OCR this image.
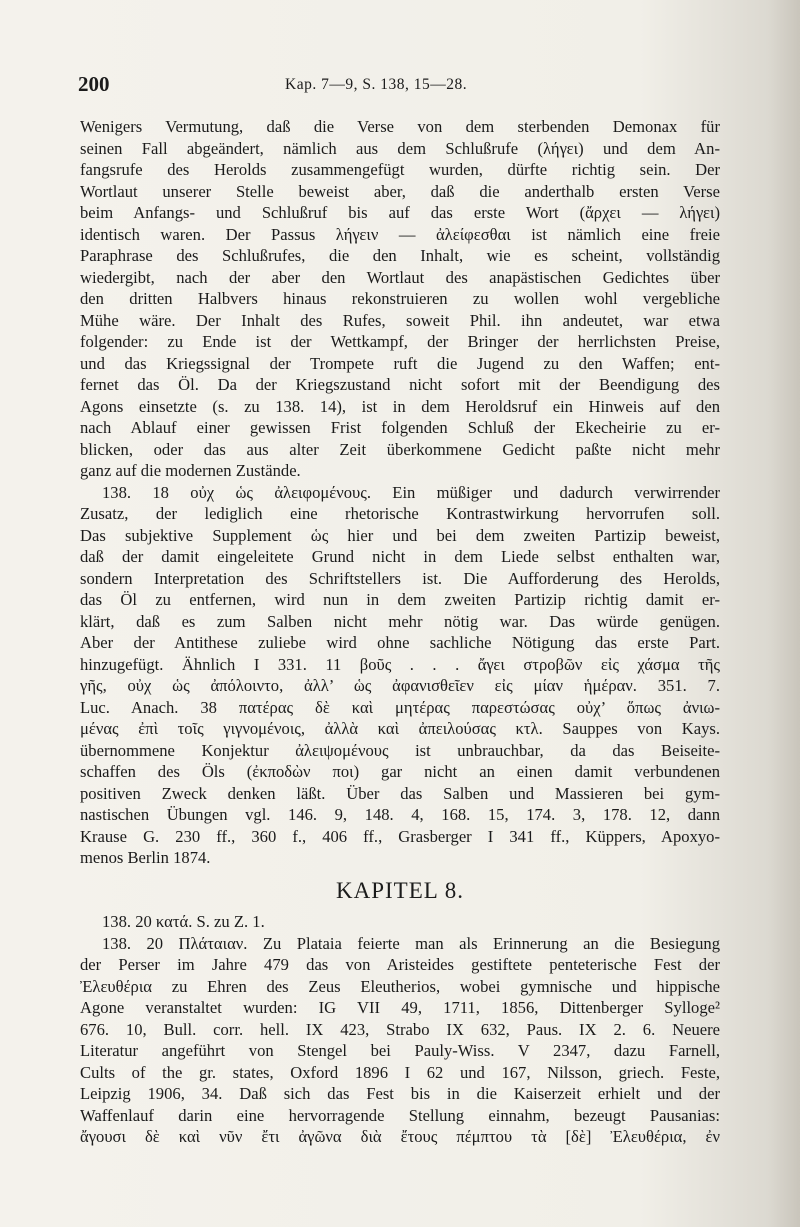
200	Kap. 7—9, S. 138, 15—28.
Wenigers Vermutung, daß die Verse von dem sterbenden Demonax für
seinen Fall abgeändert, nämlich aus dem Schlußrufe (λήγει) und dem An-
fangsrufe des Herolds zusammengefügt wurden, dürfte richtig sein. Der
Wortlaut unserer Stelle beweist aber, daß die anderthalb ersten Verse
beim Anfangs- und Schlußruf bis auf das erste Wort (ἄρχει — λήγει)
identisch waren. Der Passus λήγειν — ἀλείφεσθαι ist nämlich eine freie
Paraphrase des Schlußrufes, die den Inhalt, wie es scheint, vollständig
wiedergibt, nach der aber den Wortlaut des anapästischen Gedichtes über
den dritten Halbvers hinaus rekonstruieren zu wollen wohl vergebliche
Mühe wäre. Der Inhalt des Rufes, soweit Phil. ihn andeutet, war etwa
folgender: zu Ende ist der Wettkampf, der Bringer der herrlichsten Preise,
und das Kriegssignal der Trompete ruft die Jugend zu den Waffen; ent-
fernet das Öl. Da der Kriegszustand nicht sofort mit der Beendigung des
Agons einsetzte (s. zu 138. 14), ist in dem Heroldsruf ein Hinweis auf den
nach Ablauf einer gewissen Frist folgenden Schluß der Ekecheirie zu er-
blicken, oder das aus alter Zeit überkommene Gedicht paßte nicht mehr
ganz auf die modernen Zustände.
138. 18 οὐχ ὡς ἀλειφομένους. Ein müßiger und dadurch verwirrender
Zusatz, der lediglich eine rhetorische Kontrastwirkung hervorrufen soll.
Das subjektive Supplement ὡς hier und bei dem zweiten Partizip beweist,
daß der damit eingeleitete Grund nicht in dem Liede selbst enthalten war,
sondern Interpretation des Schriftstellers ist. Die Aufforderung des Herolds,
das Öl zu entfernen, wird nun in dem zweiten Partizip richtig damit er-
klärt, daß es zum Salben nicht mehr nötig war. Das würde genügen.
Aber der Antithese zuliebe wird ohne sachliche Nötigung das erste Part.
hinzugefügt. Ähnlich I 331. 11 βοῦς . . . ἄγει στροβῶν εἰς χάσμα τῆς
γῆς, οὐχ ὡς ἀπόλοιντο, ἀλλ’ ὡς ἀφανισθεῖεν εἰς μίαν ἡμέραν. 351. 7.
Luc. Anach. 38 πατέρας δὲ καὶ μητέρας παρεστώσας οὐχ’ ὅπως ἀνιω-
μένας ἐπὶ τοῖς γιγνομένοις, ἀλλὰ καὶ ἀπειλούσας κτλ. Sauppes von Kays.
übernommene Konjektur ἀλειψομένους ist unbrauchbar, da das Beiseite-
schaffen des Öls (ἐκποδὼν ποι) gar nicht an einen damit verbundenen
positiven Zweck denken läßt. Über das Salben und Massieren bei gym-
nastischen Übungen vgl. 146. 9, 148. 4, 168. 15, 174. 3, 178. 12, dann
Krause G. 230 ff., 360 f., 406 ff., Grasberger I 341 ff., Küppers, Apoxyo-
menos Berlin 1874.
KAPITEL 8.
138. 20 κατά. S. zu Z. 1.
138. 20 Πλάταιαν. Zu Plataia feierte man als Erinnerung an die Besiegung
der Perser im Jahre 479 das von Aristeides gestiftete penteterische Fest der
Ἐλευθέρια zu Ehren des Zeus Eleutherios, wobei gymnische und hippische
Agone veranstaltet wurden: IG VII 49, 1711, 1856, Dittenberger Sylloge²
676. 10, Bull. corr. hell. IX 423, Strabo IX 632, Paus. IX 2. 6. Neuere
Literatur angeführt von Stengel bei Pauly-Wiss. V 2347, dazu Farnell,
Cults of the gr. states, Oxford 1896 I 62 und 167, Nilsson, griech. Feste,
Leipzig 1906, 34. Daß sich das Fest bis in die Kaiserzeit erhielt und der
Waffenlauf darin eine hervorragende Stellung einnahm, bezeugt Pausanias:
ἄγουσι δὲ καὶ νῦν ἔτι ἀγῶνα διὰ ἔτους πέμπτου τὰ [δὲ] Ἐλευθέρια, ἐν
